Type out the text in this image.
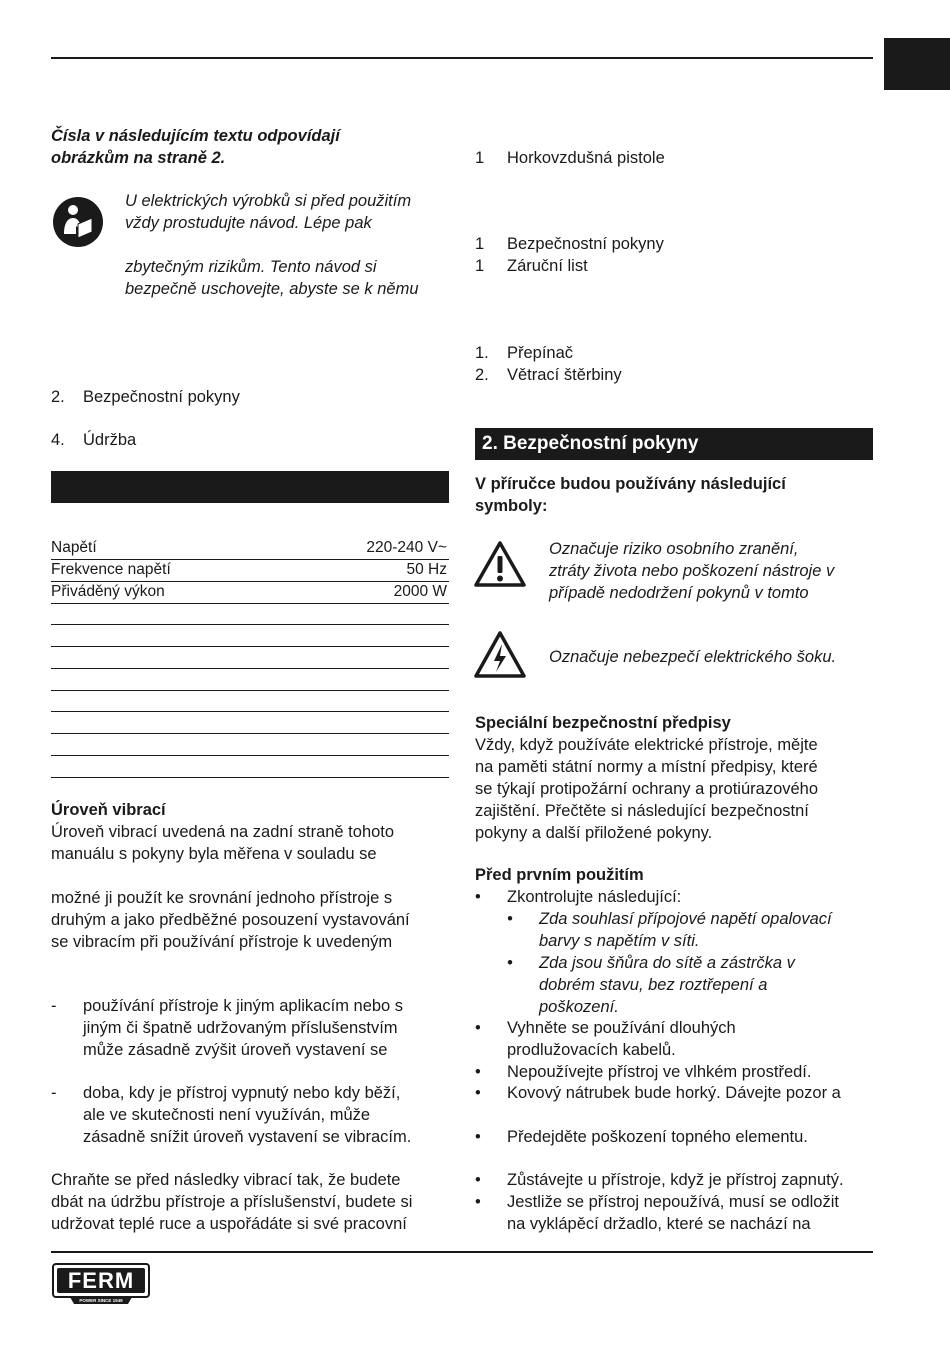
Čísla v následujícím textu odpovídají
obrázkům na straně 2.
U elektrických výrobků si před použitím
vždy prostudujte návod. Lépe pak
zbytečným rizikům. Tento návod si
bezpečně uschovejte, abyste se k němu
2. Bezpečnostní pokyny
4. Údržba
Napětí	220-240 V~
Frekvence napětí	50 Hz
Přiváděný výkon	2000 W
Úroveň vibrací
Úroveň vibrací uvedená na zadní straně tohoto
manuálu s pokyny byla měřena v souladu se
možné ji použít ke srovnání jednoho přístroje s
druhým a jako předběžné posouzení vystavování
se vibracím při používání přístroje k uvedeným
- používání přístroje k jiným aplikacím nebo s
jiným či špatně udržovaným příslušenstvím
může zásadně zvýšit úroveň vystavení se
- doba, kdy je přístroj vypnutý nebo kdy běží,
ale ve skutečnosti není využíván, může
zásadně snížit úroveň vystavení se vibracím.
Chraňte se před následky vibrací tak, že budete
dbát na údržbu přístroje a příslušenství, budete si
udržovat teplé ruce a uspořádáte si své pracovní
1 Horkovzdušná pistole
1 Bezpečnostní pokyny
1 Záruční list
1. Přepínač
2. Větrací štěrbiny
2. Bezpečnostní pokyny
V příručce budou používány následující
symboly:
Označuje riziko osobního zranění,
ztráty života nebo poškození nástroje v
případě nedodržení pokynů v tomto
Označuje nebezpečí elektrického šoku.
Speciální bezpečnostní předpisy
Vždy, když používáte elektrické přístroje, mějte
na paměti státní normy a místní předpisy, které
se týkají protipožární ochrany a protiúrazového
zajištění. Přečtěte si následující bezpečnostní
pokyny a další přiložené pokyny.
Před prvním použitím
• Zkontrolujte následující:
• Zda souhlasí přípojové napětí opalovací
barvy s napětím v síti.
• Zda jsou šňůra do sítě a zástrčka v
dobrém stavu, bez roztřepení a
poškození.
• Vyhněte se používání dlouhých
prodlužovacích kabelů.
• Nepoužívejte přístroj ve vlhkém prostředí.
• Kovový nátrubek bude horký. Dávejte pozor a
• Předejděte poškození topného elementu.
• Zůstávejte u přístroje, když je přístroj zapnutý.
• Jestliže se přístroj nepoužívá, musí se odložit
na vyklápěcí držadlo, které se nachází na
FERM
POWER SINCE 1949
